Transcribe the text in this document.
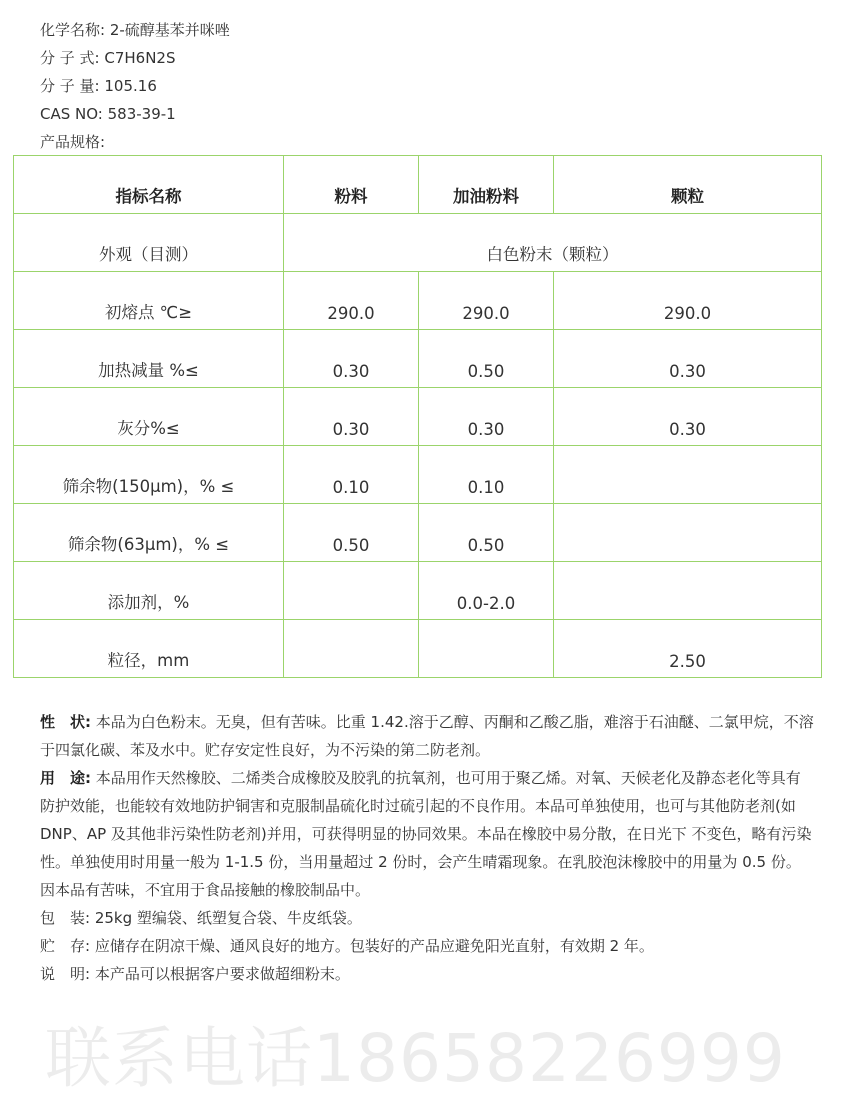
化学名称: 2-硫醇基苯并咪唑
分 子 式: C7H6N2S
分 子 量: 105.16
CAS NO: 583-39-1
产品规格:
指标名称	粉料	加油粉料	颗粒
外观（目测）	白色粉末（颗粒）		
初熔点 ℃≥	290.0	290.0	290.0
加热减量 %≤	0.30	0.50	0.30
灰分%≤	0.30	0.30	0.30
筛余物(150μm)，% ≤	0.10	0.10	
筛余物(63μm)，% ≤	0.50	0.50	
添加剂，%		0.0-2.0	
粒径，mm			2.50

性　状: 本品为白色粉末。无臭，但有苦味。比重 1.42.溶于乙醇、丙酮和乙酸乙脂，难溶于石油醚、二氯甲烷，不溶于四氯化碳、苯及水中。贮存安定性良好，为不污染的第二防老剂。

用　途: 本品用作天然橡胶、二烯类合成橡胶及胶乳的抗氧剂，也可用于聚乙烯。对氧、天候老化及静态老化等具有防护效能，也能较有效地防护铜害和克服制晶硫化时过硫引起的不良作用。本品可单独使用，也可与其他防老剂(如 DNP、AP 及其他非污染性防老剂)并用，可获得明显的协同效果。本品在橡胶中易分散，在日光下 不变色，略有污染性。单独使用时用量一般为 1-1.5 份，当用量超过 2 份时，会产生晴霜现象。在乳胶泡沫橡胶中的用量为 0.5 份。因本品有苦味，不宜用于食品接触的橡胶制品中。

包　装: 25kg 塑编袋、纸塑复合袋、牛皮纸袋。

贮　存: 应储存在阴凉干燥、通风良好的地方。包装好的产品应避免阳光直射，有效期 2 年。

说　明: 本产品可以根据客户要求做超细粉末。

联系电话18658226999
